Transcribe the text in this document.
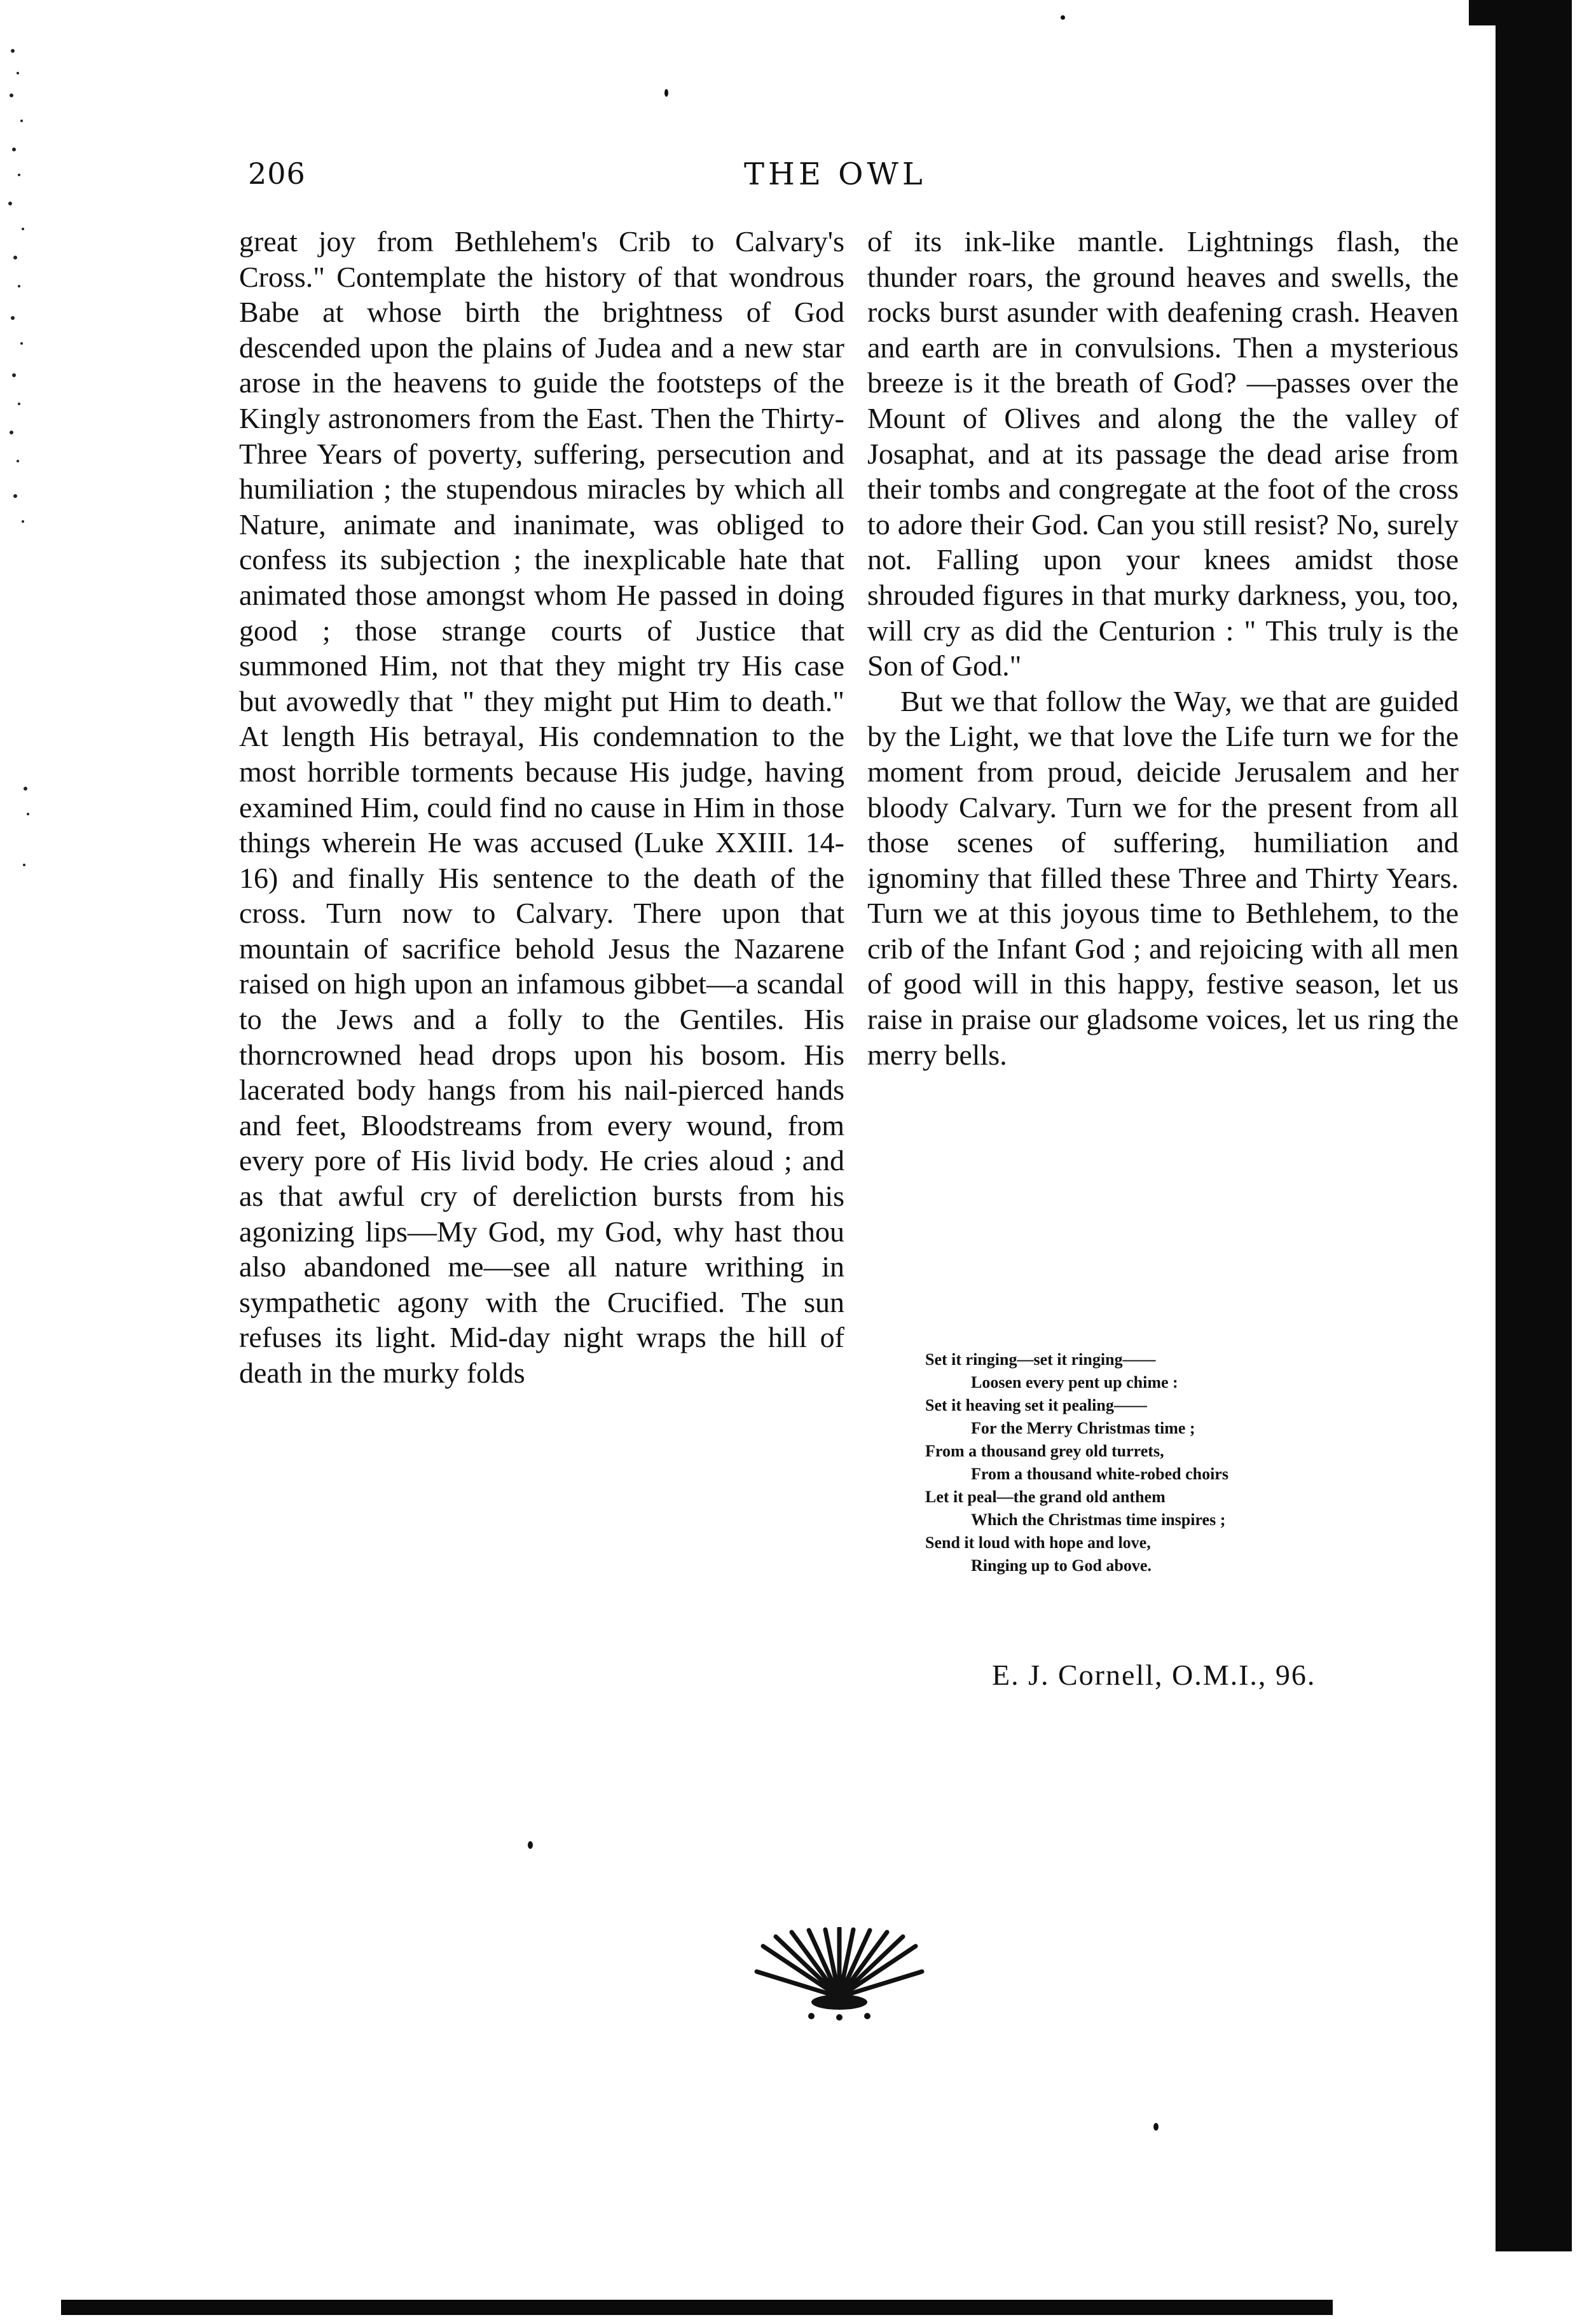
206	THE OWL

great joy from Bethlehem's Crib to Calvary's Cross." Contemplate the history of that wondrous Babe at whose birth the brightness of God descended upon the plains of Judea and a new star arose in the heavens to guide the footsteps of the Kingly astronomers from the East. Then the Thirty-Three Years of poverty, suffering, persecution and humiliation ; the stupendous miracles by which all Nature, animate and inanimate, was obliged to confess its subjection ; the inexplicable hate that animated those amongst whom He passed in doing good ; those strange courts of Justice that summoned Him, not that they might try His case but avowedly that " they might put Him to death." At length His betrayal, His condemnation to the most horrible torments because His judge, having examined Him, could find no cause in Him in those things wherein He was accused (Luke XXIII. 14-16) and finally His sentence to the death of the cross. Turn now to Calvary. There upon that mountain of sacrifice behold Jesus the Nazarene raised on high upon an infamous gibbet—a scandal to the Jews and a folly to the Gentiles. His thorncrowned head drops upon his bosom. His lacerated body hangs from his nail-pierced hands and feet, Bloodstreams from every wound, from every pore of His livid body. He cries aloud ; and as that awful cry of dereliction bursts from his agonizing lips—My God, my God, why hast thou also abandoned me—see all nature writhing in sympathetic agony with the Crucified. The sun refuses its light. Mid-day night wraps the hill of death in the murky folds

of its ink-like mantle. Lightnings flash, the thunder roars, the ground heaves and swells, the rocks burst asunder with deafening crash. Heaven and earth are in convulsions. Then a mysterious breeze is it the breath of God? —passes over the Mount of Olives and along the the valley of Josaphat, and at its passage the dead arise from their tombs and congregate at the foot of the cross to adore their God. Can you still resist? No, surely not. Falling upon your knees amidst those shrouded figures in that murky darkness, you, too, will cry as did the Centurion : " This truly is the Son of God."

But we that follow the Way, we that are guided by the Light, we that love the Life turn we for the moment from proud, deicide Jerusalem and her bloody Calvary. Turn we for the present from all those scenes of suffering, humiliation and ignominy that filled these Three and Thirty Years. Turn we at this joyous time to Bethlehem, to the crib of the Infant God ; and rejoicing with all men of good will in this happy, festive season, let us raise in praise our gladsome voices, let us ring the merry bells.

Set it ringing—set it ringing——
Loosen every pent up chime :
Set it heaving set it pealing——
For the Merry Christmas time ;
From a thousand grey old turrets,
From a thousand white-robed choirs
Let it peal—the grand old anthem
Which the Christmas time inspires ;
Send it loud with hope and love,
Ringing up to God above.
E. J. Cornell, O.M.I., 96.
